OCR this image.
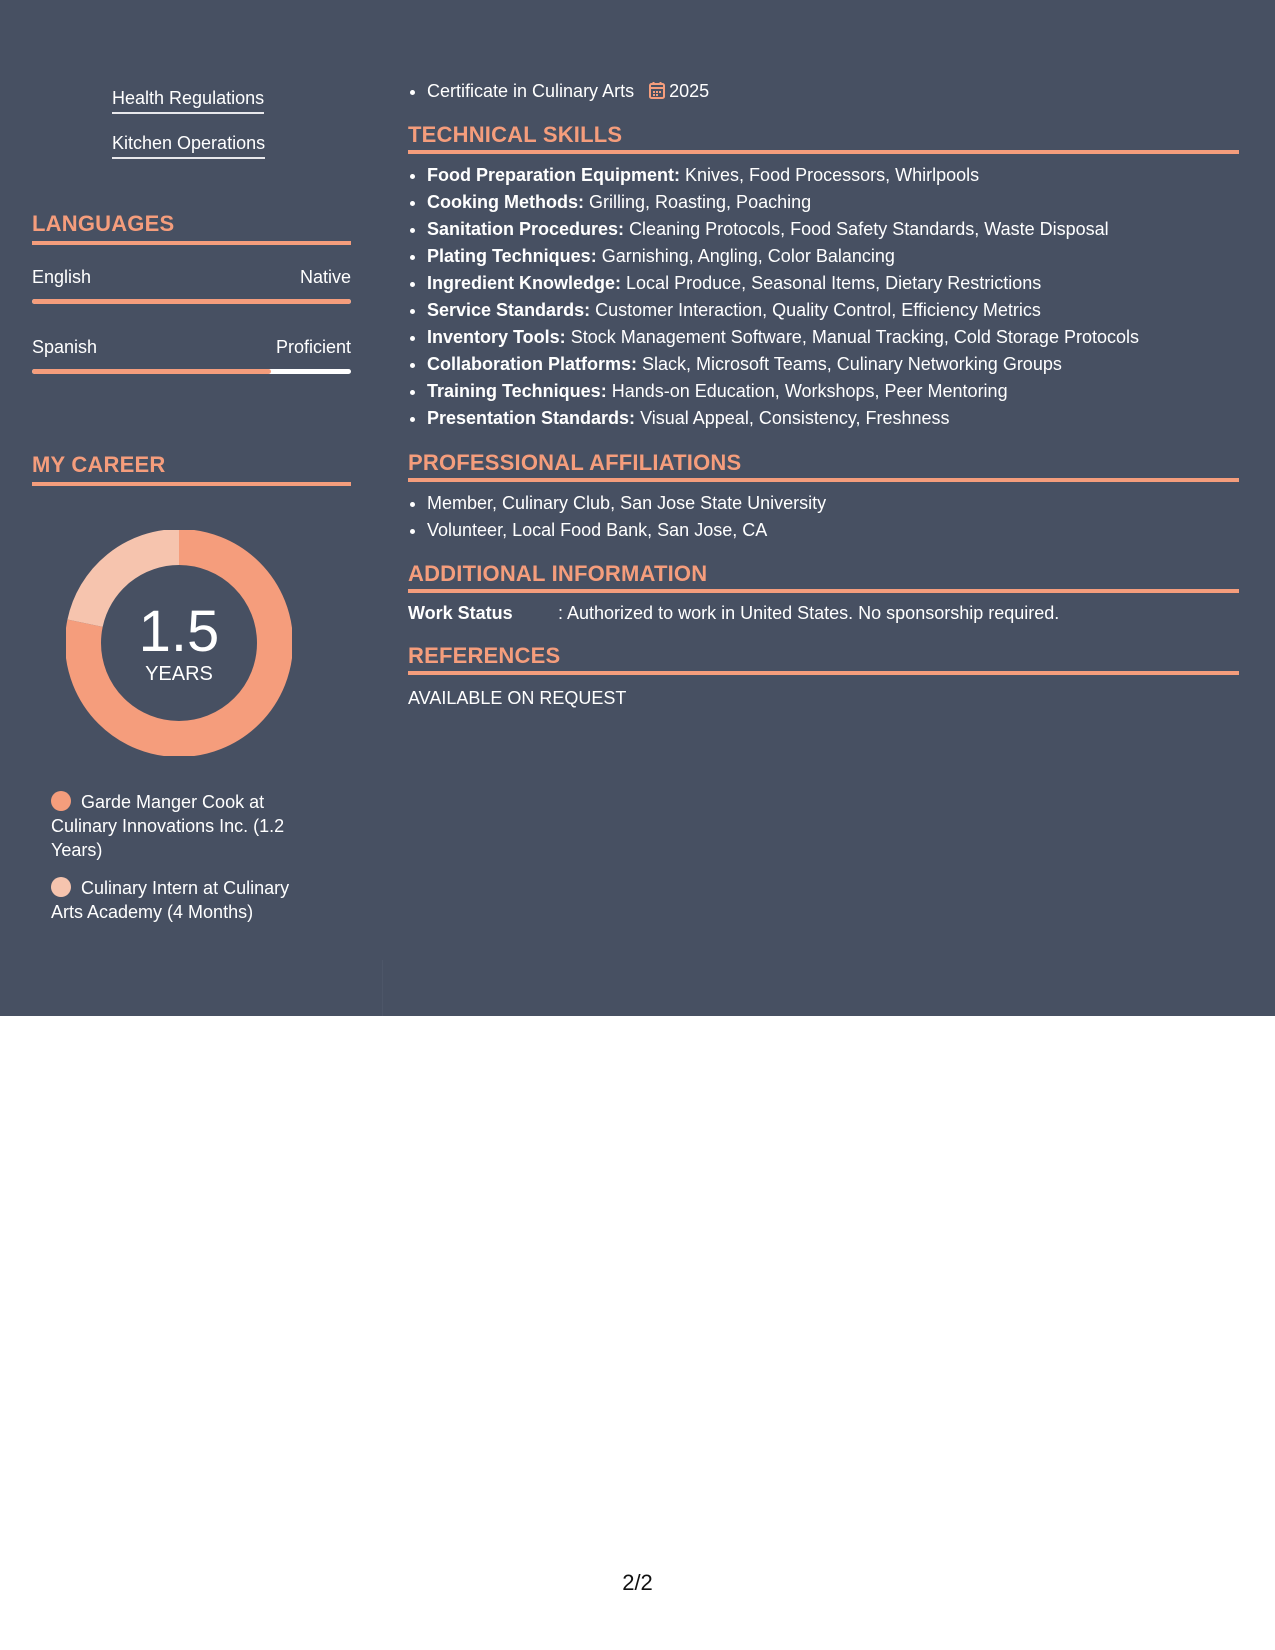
Health Regulations
Kitchen Operations
LANGUAGES
English	Native
Spanish	Proficient
MY CAREER
1.5
YEARS
Garde Manger Cook at Culinary Innovations Inc. (1.2 Years)
Culinary Intern at Culinary Arts Academy (4 Months)
• Certificate in Culinary Arts 2025
TECHNICAL SKILLS
• Food Preparation Equipment: Knives, Food Processors, Whirlpools
• Cooking Methods: Grilling, Roasting, Poaching
• Sanitation Procedures: Cleaning Protocols, Food Safety Standards, Waste Disposal
• Plating Techniques: Garnishing, Angling, Color Balancing
• Ingredient Knowledge: Local Produce, Seasonal Items, Dietary Restrictions
• Service Standards: Customer Interaction, Quality Control, Efficiency Metrics
• Inventory Tools: Stock Management Software, Manual Tracking, Cold Storage Protocols
• Collaboration Platforms: Slack, Microsoft Teams, Culinary Networking Groups
• Training Techniques: Hands-on Education, Workshops, Peer Mentoring
• Presentation Standards: Visual Appeal, Consistency, Freshness
PROFESSIONAL AFFILIATIONS
• Member, Culinary Club, San Jose State University
• Volunteer, Local Food Bank, San Jose, CA
ADDITIONAL INFORMATION
Work Status	: Authorized to work in United States. No sponsorship required.
REFERENCES
AVAILABLE ON REQUEST
2/2
